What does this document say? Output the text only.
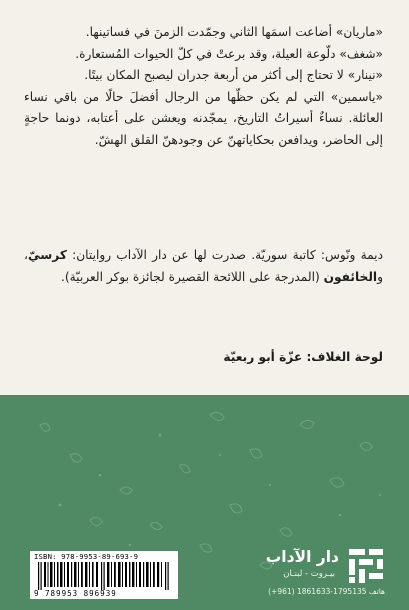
«ماريان» أضاعت اسمَها الثاني وجمّدت الزمنَ في فساتينها.

«شغف» دلّوعة العيلة، وقد برعتْ في كلّ الحيوات المُستعارة.

«نينار» لا تحتاج إلى أكثر من أربعة جدران ليصبح المكان بيتًا.

«ياسمين» التي لم يكن حظّها من الرجال أفضلَ حالًا من باقي نساء العائلة. نساءٌ أسيراتُ التاريخ، يمجّدنه ويعشن على أعتابه، دونما حاجةٍ إلى الحاضر، ويدافعن بحكاياتهنّ عن وجودهنّ القلق الهشّ.

ديمة ونّوس: كاتبة سوريّة. صدرت لها عن دار الآداب روايتان: كرسيّ، والخائفون (المدرجة على اللائحة القصيرة لجائزة بوكر العربيّة).

لوحة الغلاف: عزّة أبو ربعيّة
ISBN: 978-9953-89-693-9
9 789953 896939
دار الآداب
بيـروت - لبنـان
هاتف 1795135-1861633 (961+)
